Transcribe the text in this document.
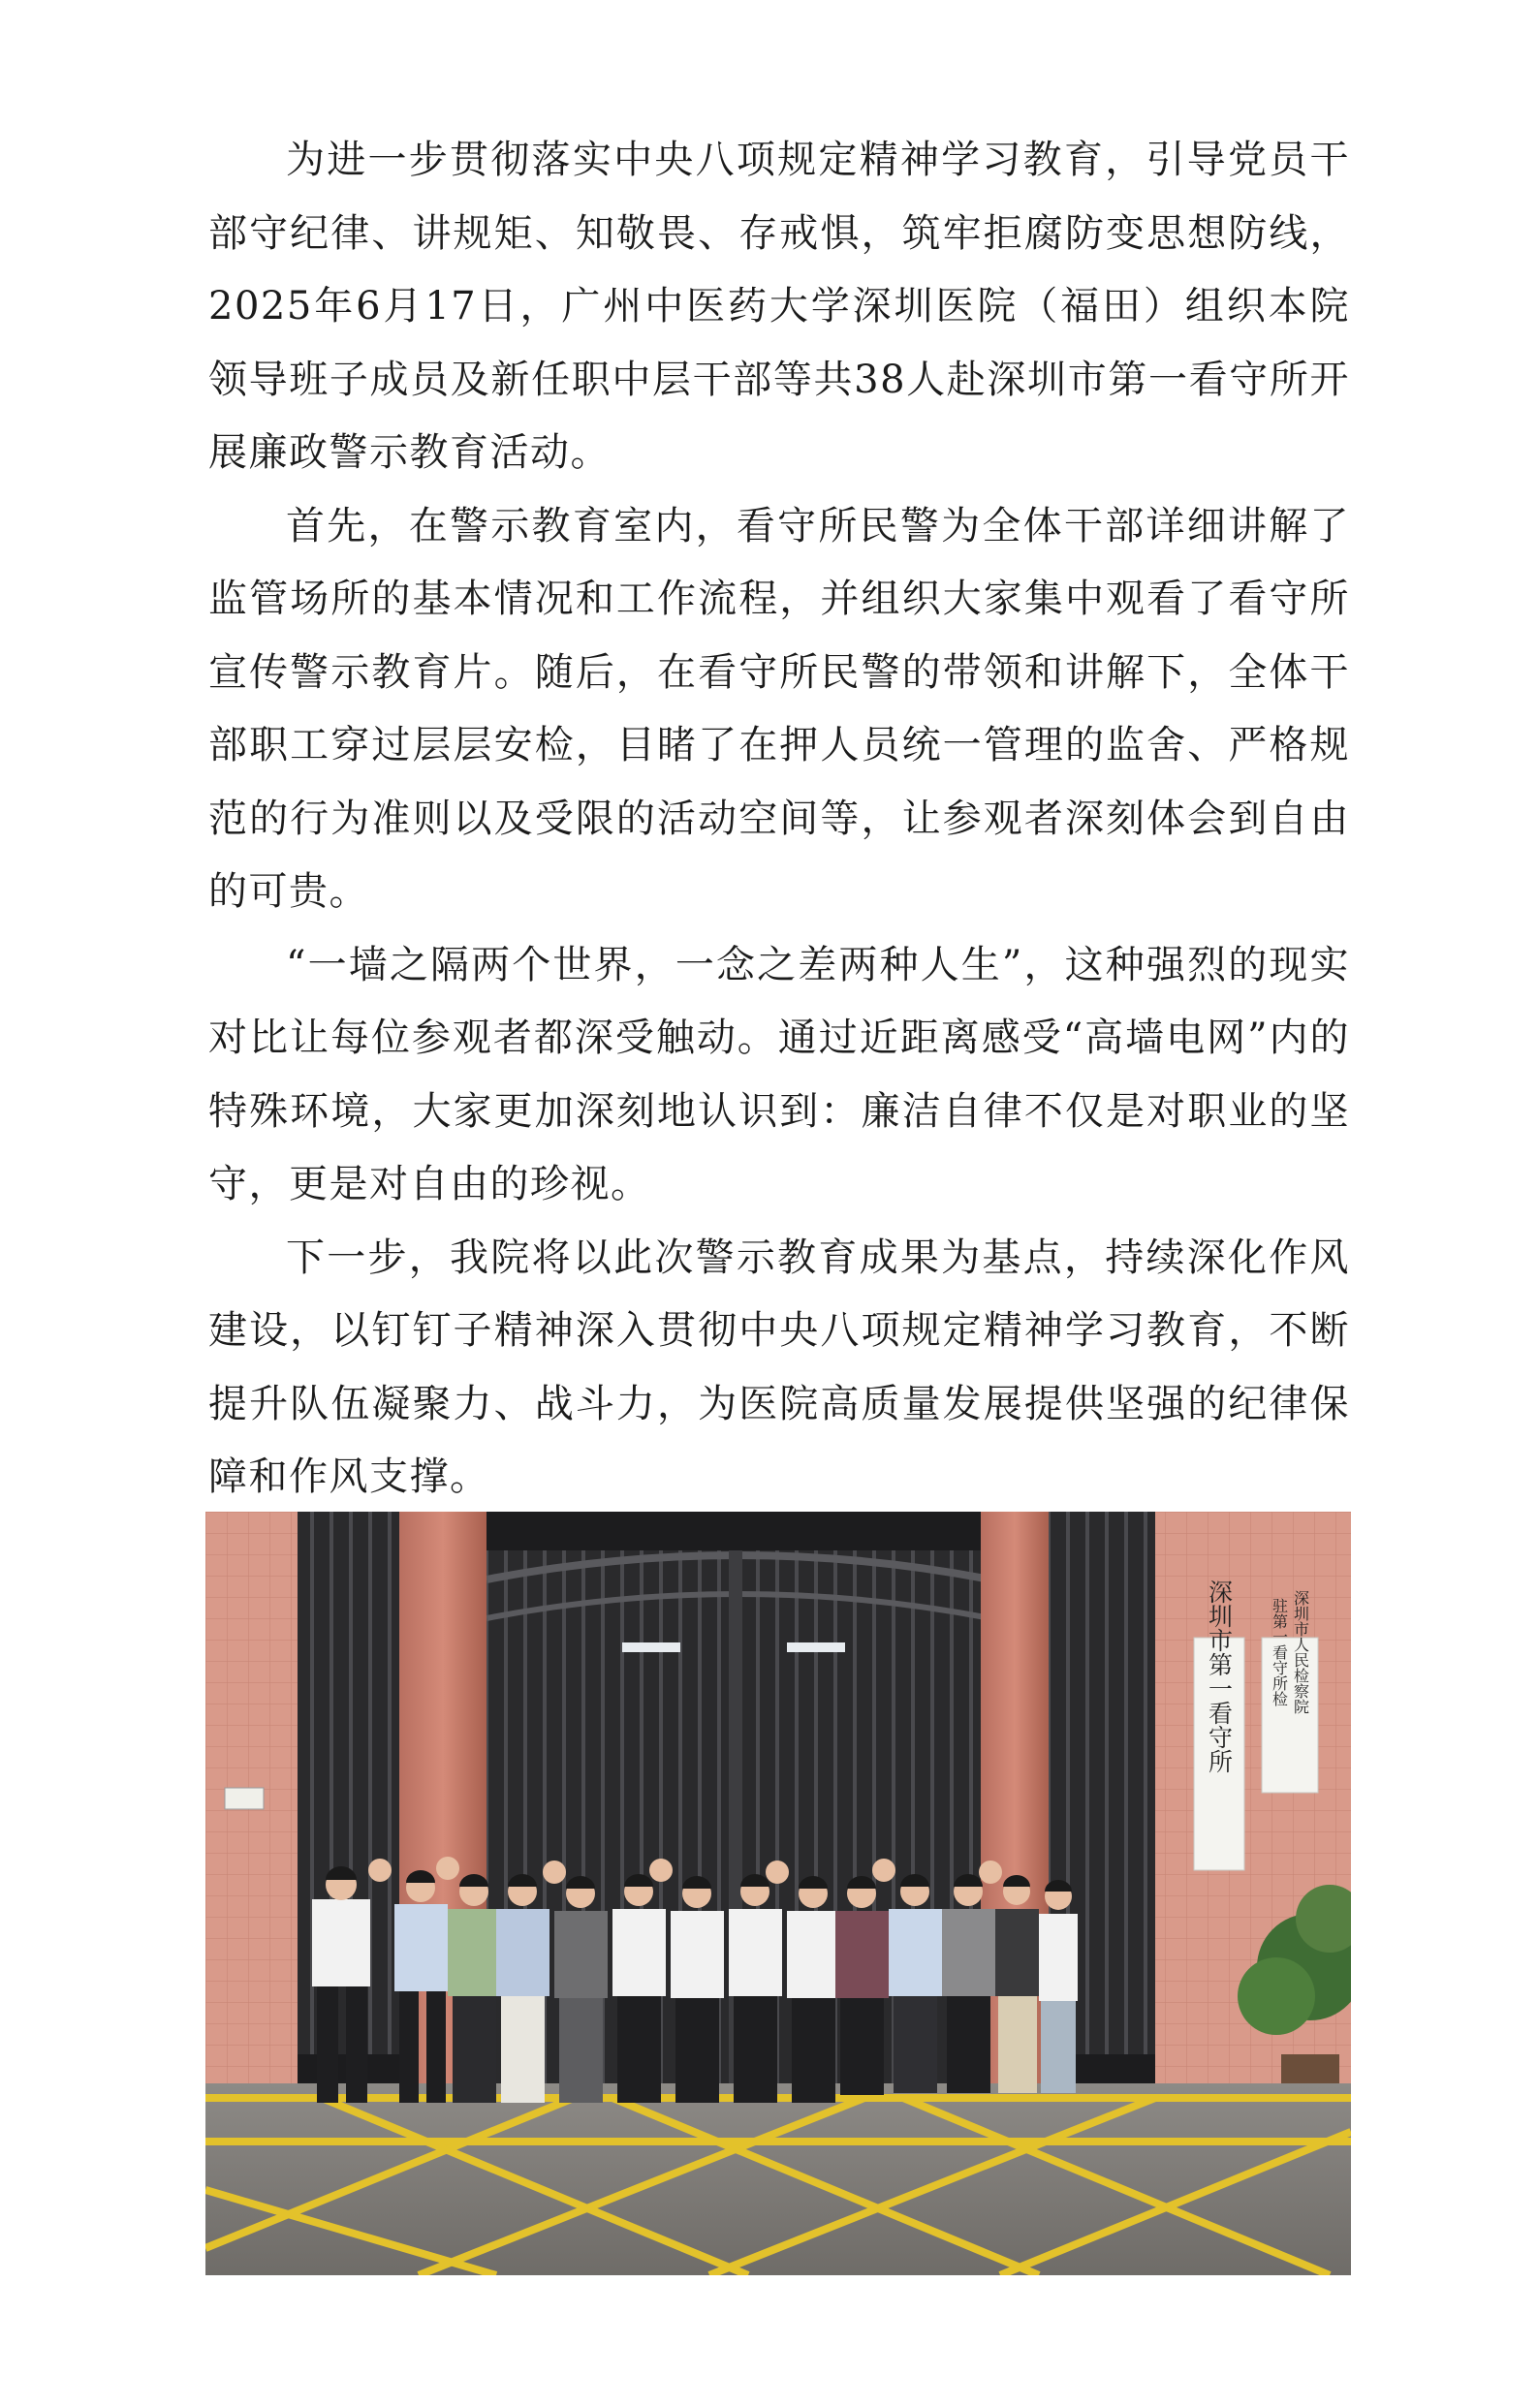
为进一步贯彻落实中央八项规定精神学习教育，引导党员干部守纪律、讲规矩、知敬畏、存戒惧，筑牢拒腐防变思想防线，2025年6月17日，广州中医药大学深圳医院（福田）组织本院领导班子成员及新任职中层干部等共38人赴深圳市第一看守所开展廉政警示教育活动。

首先，在警示教育室内，看守所民警为全体干部详细讲解了监管场所的基本情况和工作流程，并组织大家集中观看了看守所宣传警示教育片。随后，在看守所民警的带领和讲解下，全体干部职工穿过层层安检，目睹了在押人员统一管理的监舍、严格规范的行为准则以及受限的活动空间等，让参观者深刻体会到自由的可贵。

“一墙之隔两个世界，一念之差两种人生”，这种强烈的现实对比让每位参观者都深受触动。通过近距离感受“高墙电网”内的特殊环境，大家更加深刻地认识到：廉洁自律不仅是对职业的坚守，更是对自由的珍视。

下一步，我院将以此次警示教育成果为基点，持续深化作风建设，以钉钉子精神深入贯彻中央八项规定精神学习教育，不断提升队伍凝聚力、战斗力，为医院高质量发展提供坚强的纪律保障和作风支撑。

深圳市第一看守所	深圳市人民检察院
驻第一看守所检
